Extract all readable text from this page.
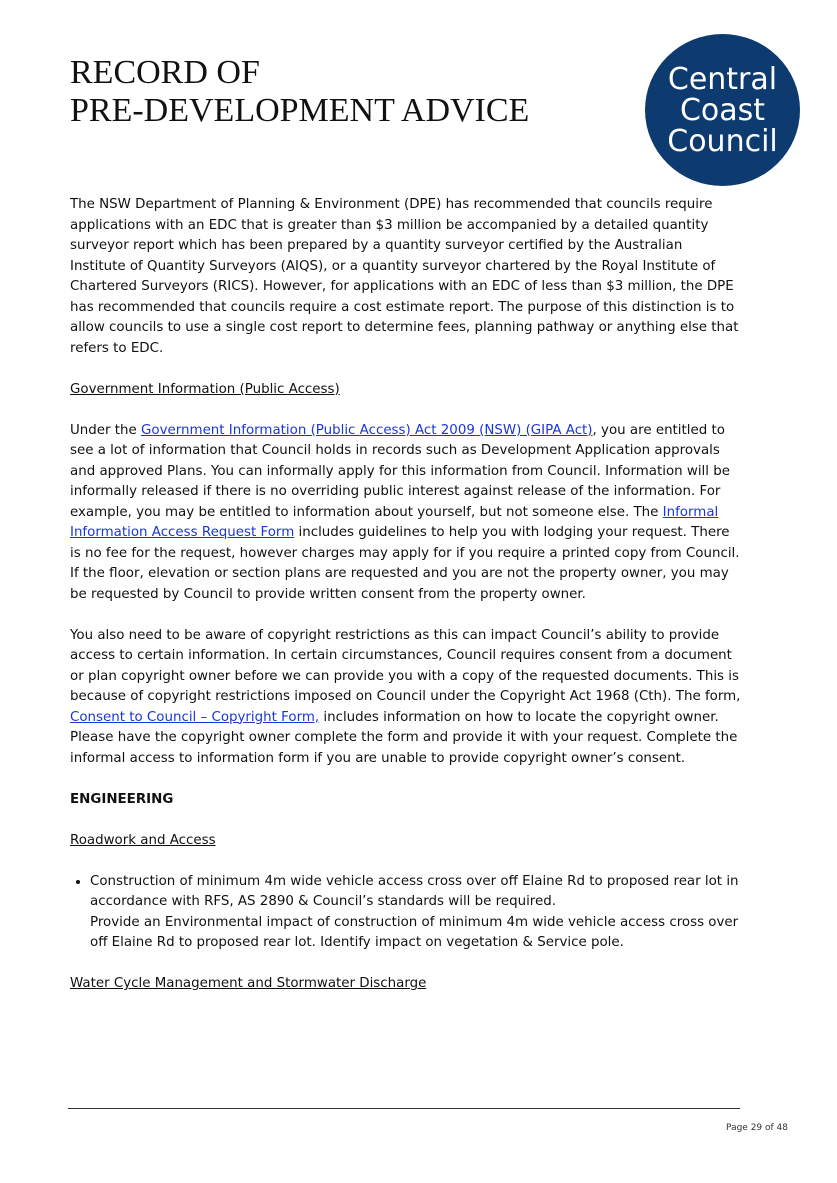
RECORD OF
PRE-DEVELOPMENT ADVICE
Central
Coast
Council

The NSW Department of Planning & Environment (DPE) has recommended that councils require applications with an EDC that is greater than $3 million be accompanied by a detailed quantity surveyor report which has been prepared by a quantity surveyor certified by the Australian Institute of Quantity Surveyors (AIQS), or a quantity surveyor chartered by the Royal Institute of Chartered Surveyors (RICS). However, for applications with an EDC of less than $3 million, the DPE has recommended that councils require a cost estimate report. The purpose of this distinction is to allow councils to use a single cost report to determine fees, planning pathway or anything else that refers to EDC.

Government Information (Public Access)

Under the Government Information (Public Access) Act 2009 (NSW) (GIPA Act), you are entitled to see a lot of information that Council holds in records such as Development Application approvals and approved Plans. You can informally apply for this information from Council. Information will be informally released if there is no overriding public interest against release of the information. For example, you may be entitled to information about yourself, but not someone else. The Informal Information Access Request Form includes guidelines to help you with lodging your request. There is no fee for the request, however charges may apply for if you require a printed copy from Council. If the floor, elevation or section plans are requested and you are not the property owner, you may be requested by Council to provide written consent from the property owner.

You also need to be aware of copyright restrictions as this can impact Council’s ability to provide access to certain information. In certain circumstances, Council requires consent from a document or plan copyright owner before we can provide you with a copy of the requested documents. This is because of copyright restrictions imposed on Council under the Copyright Act 1968 (Cth). The form, Consent to Council – Copyright Form, includes information on how to locate the copyright owner. Please have the copyright owner complete the form and provide it with your request. Complete the informal access to information form if you are unable to provide copyright owner’s consent.

ENGINEERING

Roadwork and Access

• Construction of minimum 4m wide vehicle access cross over off Elaine Rd to proposed rear lot in accordance with RFS, AS 2890 & Council’s standards will be required.
Provide an Environmental impact of construction of minimum 4m wide vehicle access cross over off Elaine Rd to proposed rear lot. Identify impact on vegetation & Service pole.

Water Cycle Management and Stormwater Discharge

Page 29 of 48
